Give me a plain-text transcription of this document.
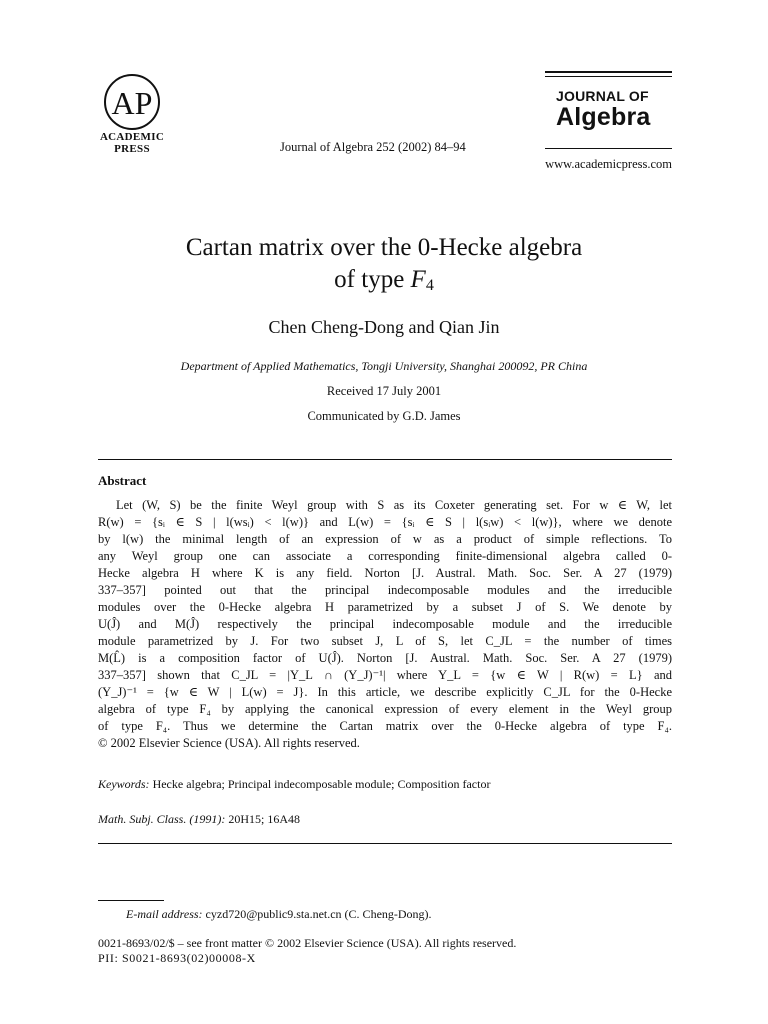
AP
ACADEMIC
PRESS	Journal of Algebra 252 (2002) 84–94
JOURNAL OF
Algebra
www.academicpress.com
Cartan matrix over the 0-Hecke algebra
of type $F_4$
Chen Cheng-Dong and Qian Jin
Department of Applied Mathematics, Tongji University, Shanghai 200092, PR China
Received 17 July 2001
Communicated by G.D. James
Abstract
Let (W, S) be the finite Weyl group with S as its Coxeter generating set. For w ∈ W, let
R(w) = {sᵢ ∈ S | l(wsᵢ) < l(w)} and L(w) = {sᵢ ∈ S | l(sᵢw) < l(w)}, where we denote
by l(w) the minimal length of an expression of w as a product of simple reflections. To
any Weyl group one can associate a corresponding finite-dimensional algebra called 0-
Hecke algebra H where K is any field. Norton [J. Austral. Math. Soc. Ser. A 27 (1979)
337–357] pointed out that the principal indecomposable modules and the irreducible
modules over the 0-Hecke algebra H parametrized by a subset J of S. We denote by
U(Ĵ) and M(Ĵ) respectively the principal indecomposable module and the irreducible
module parametrized by J. For two subset J, L of S, let C_JL = the number of times
M(L̂) is a composition factor of U(Ĵ). Norton [J. Austral. Math. Soc. Ser. A 27 (1979)
337–357] shown that C_JL = |Y_L ∩ (Y_J)⁻¹| where Y_L = {w ∈ W | R(w) = L} and
(Y_J)⁻¹ = {w ∈ W | L(w) = J}. In this article, we describe explicitly C_JL for the 0-Hecke
algebra of type F₄ by applying the canonical expression of every element in the Weyl group
of type F₄. Thus we determine the Cartan matrix over the 0-Hecke algebra of type F₄.
© 2002 Elsevier Science (USA). All rights reserved.
Keywords: Hecke algebra; Principal indecomposable module; Composition factor
Math. Subj. Class. (1991): 20H15; 16A48
E-mail address: cyzd720@public9.sta.net.cn (C. Cheng-Dong).
0021-8693/02/$ – see front matter © 2002 Elsevier Science (USA). All rights reserved.
PII: S0021-8693(02)00008-X
